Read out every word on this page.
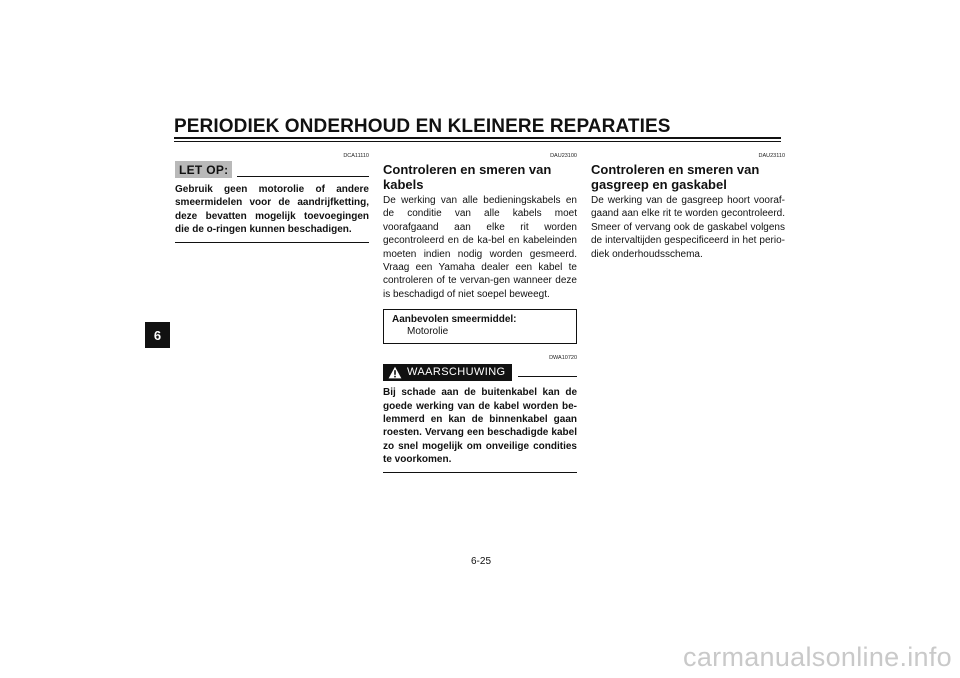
PERIODIEK ONDERHOUD EN KLEINERE REPARATIES
6
DCA11110
LET OP:

Gebruik geen motorolie of andere smeermidelen voor de aandrijfketting, deze bevatten mogelijk toevoegingen die de o-ringen kunnen beschadigen.

DAU23100
Controleren en smeren van kabels

De werking van alle bedieningskabels en de conditie van alle kabels moet voorafgaand aan elke rit worden gecontroleerd en de ka-bel en kabeleinden moeten indien nodig worden gesmeerd. Vraag een Yamaha dealer een kabel te controleren of te vervan-gen wanneer deze is beschadigd of niet soepel beweegt.

Aanbevolen smeermiddel:
Motorolie
DWA10720
WAARSCHUWING

Bij schade aan de buitenkabel kan de goede werking van de kabel worden be-lemmerd en kan de binnenkabel gaan roesten. Vervang een beschadigde kabel zo snel mogelijk om onveilige condities te voorkomen.

DAU23110
Controleren en smeren van gasgreep en gaskabel

De werking van de gasgreep hoort vooraf-gaand aan elke rit te worden gecontroleerd. Smeer of vervang ook de gaskabel volgens de intervaltijden gespecificeerd in het perio-diek onderhoudsschema.

6-25
carmanualsonline.info
